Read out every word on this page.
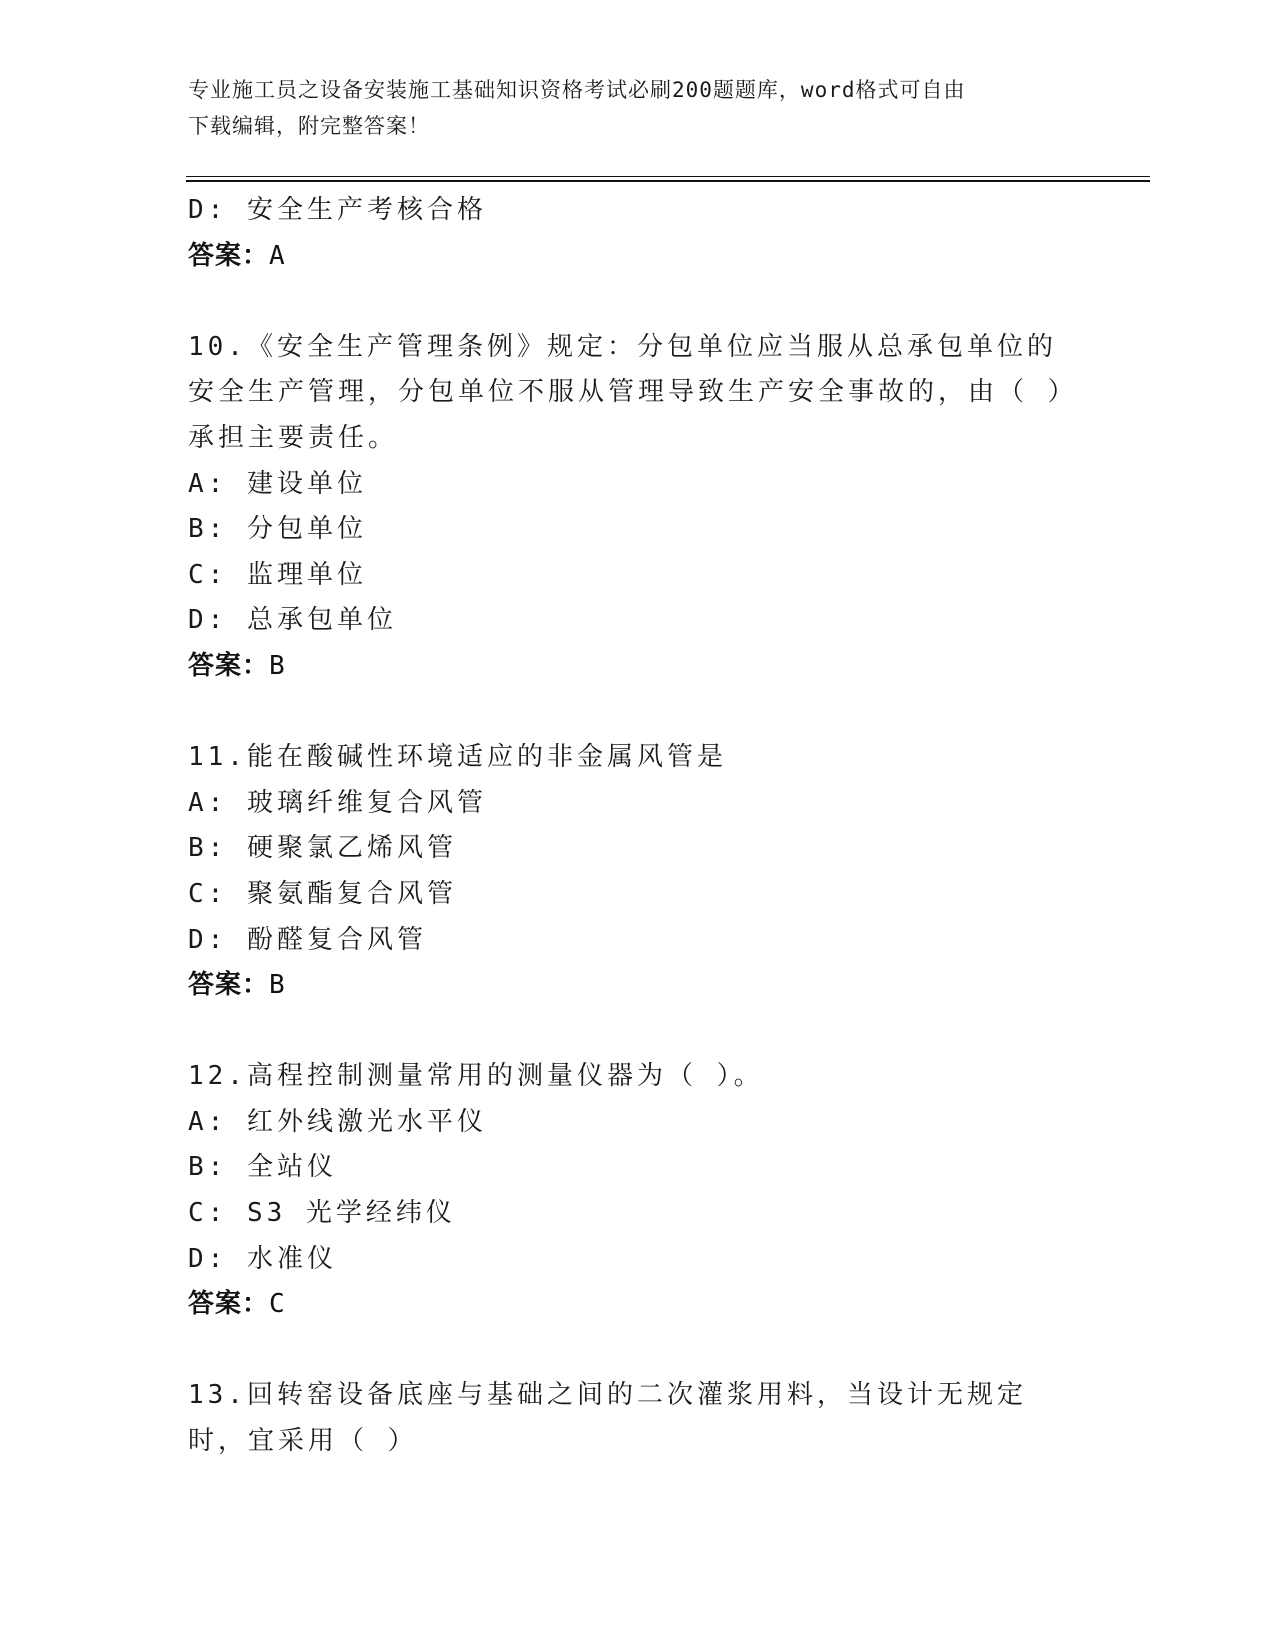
专业施工员之设备安装施工基础知识资格考试必刷200题题库，word格式可自由
下载编辑，附完整答案！
D: 安全生产考核合格
答案：A
10.《安全生产管理条例》规定：分包单位应当服从总承包单位的安全生产管理，分包单位不服从管理导致生产安全事故的，由（ ）承担主要责任。
A: 建设单位
B: 分包单位
C: 监理单位
D: 总承包单位
答案：B
11.能在酸碱性环境适应的非金属风管是
A: 玻璃纤维复合风管
B: 硬聚氯乙烯风管
C: 聚氨酯复合风管
D: 酚醛复合风管
答案：B
12.高程控制测量常用的测量仪器为（ ）。
A: 红外线激光水平仪
B: 全站仪
C: S3 光学经纬仪
D: 水准仪
答案：C
13.回转窑设备底座与基础之间的二次灌浆用料，当设计无规定时，宜采用（ ）
